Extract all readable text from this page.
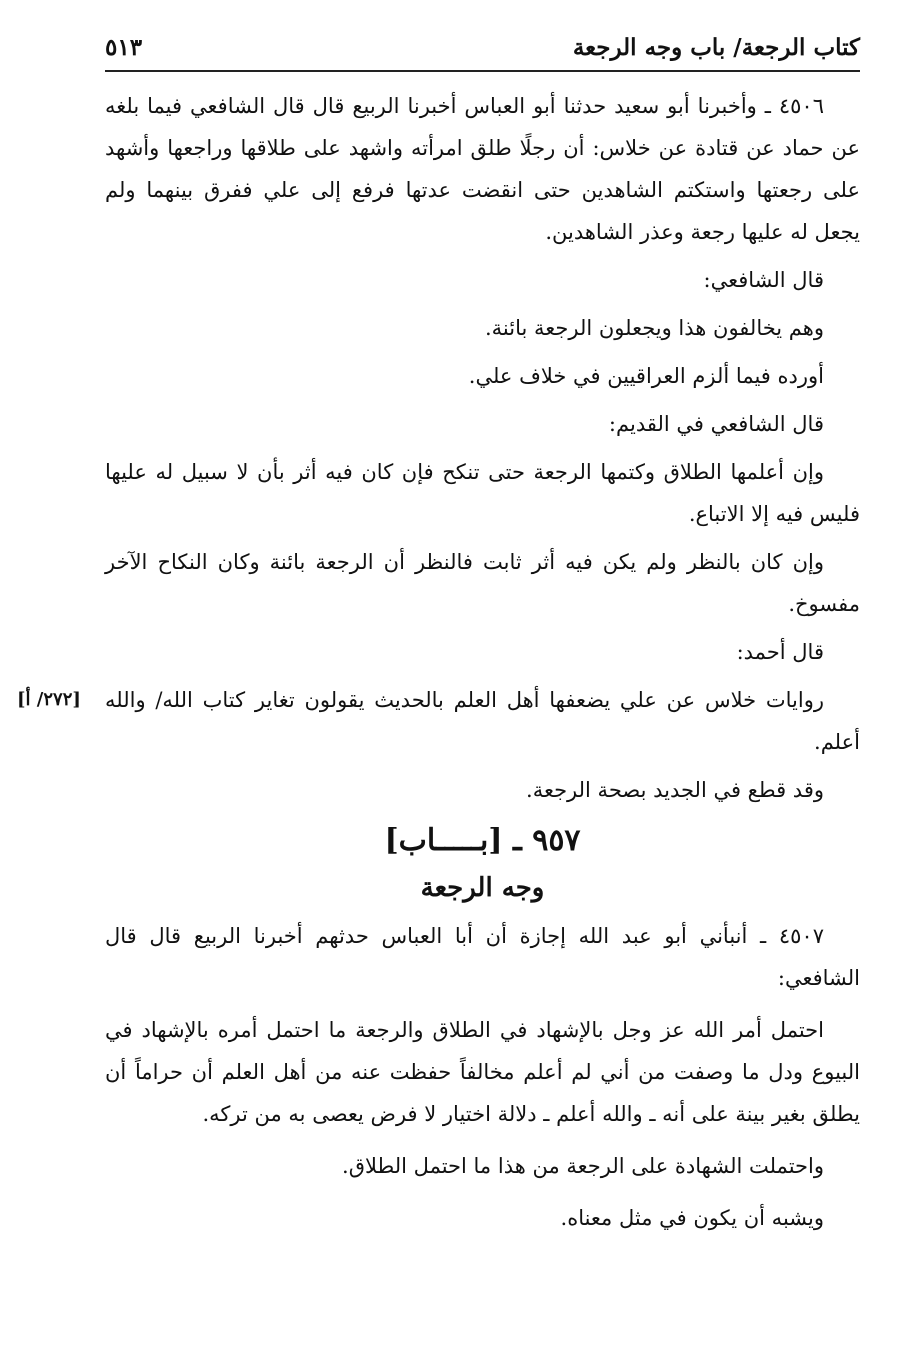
كتاب الرجعة/ باب وجه الرجعة
٥١٣

٤٥٠٦ ـ وأخبرنا أبو سعيد حدثنا أبو العباس أخبرنا الربيع قال قال الشافعي فيما بلغه عن حماد عن قتادة عن خلاس: أن رجلًا طلق امرأته واشهد على طلاقها وراجعها وأشهد على رجعتها واستكتم الشاهدين حتى انقضت عدتها فرفع إلى علي ففرق بينهما ولم يجعل له عليها رجعة وعذر الشاهدين.

قال الشافعي:

وهم يخالفون هذا ويجعلون الرجعة بائنة.

أورده فيما ألزم العراقيين في خلاف علي.

قال الشافعي في القديم:

وإن أعلمها الطلاق وكتمها الرجعة حتى تنكح فإن كان فيه أثر بأن لا سبيل له عليها فليس فيه إلا الاتباع.

وإن كان بالنظر ولم يكن فيه أثر ثابت فالنظر أن الرجعة بائنة وكان النكاح الآخر مفسوخ.

قال أحمد:

روايات خلاس عن علي يضعفها أهل العلم بالحديث يقولون تغاير كتاب الله/ والله أعلم.
[٢٧٢/ أ]

وقد قطع في الجديد بصحة الرجعة.

٩٥٧ ـ [بـــــاب]
وجه الرجعة

٤٥٠٧ ـ أنبأني أبو عبد الله إجازة أن أبا العباس حدثهم أخبرنا الربيع قال قال الشافعي:

احتمل أمر الله عز وجل بالإشهاد في الطلاق والرجعة ما احتمل أمره بالإشهاد في البيوع ودل ما وصفت من أني لم أعلم مخالفاً حفظت عنه من أهل العلم أن حراماً أن يطلق بغير بينة على أنه ـ والله أعلم ـ دلالة اختيار لا فرض يعصى به من تركه.

واحتملت الشهادة على الرجعة من هذا ما احتمل الطلاق.

ويشبه أن يكون في مثل معناه.
